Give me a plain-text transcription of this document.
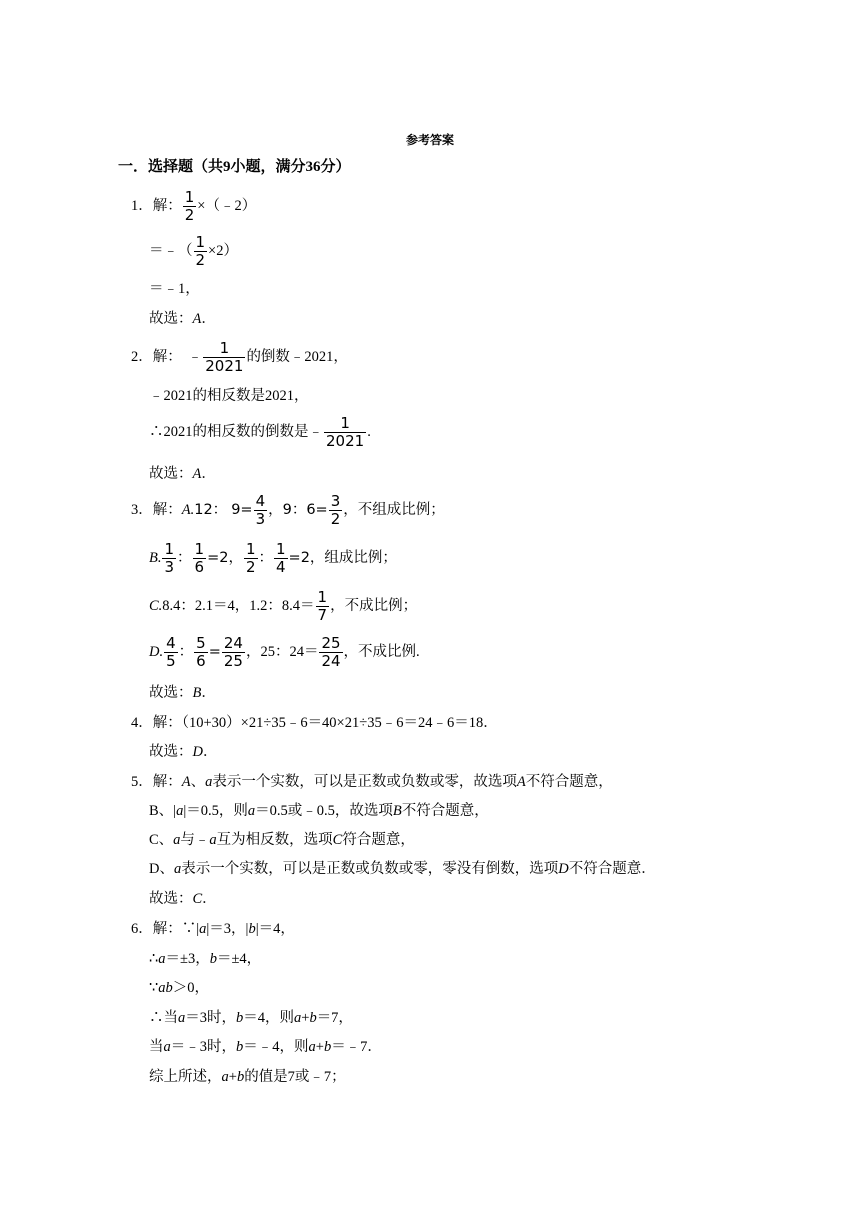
参考答案
一．选择题（共9小题，满分36分）
1． 解： $\frac{1}{2}$ ×（﹣2）
＝﹣（ $\frac{1}{2} \times 2$）
＝﹣1，
故选： A ．
2． 解： ﹣ $\frac{1}{2021}$ 的倒数﹣2021，
﹣2021的相反数是2021，
∴2021的相反数的倒数是﹣ $\frac{1}{2021}$ .
故选： A ．
3． 解： A. 12： $9= \frac{4}{3}$ ，9：$6= \frac{3}{2}$ ，不组成比例；
B. $\frac{1}{3}$ ： $\frac{1}{6} =2$， $\frac{1}{2}$ ： $\frac{1}{4} =2$ ，组成比例；
C. 8.4：2.1＝4，1.2：$8.4= \frac{1}{7}$ ，不成比例；
D. $\frac{4}{5}$ ： $\frac{5}{6} = \frac{24}{25}$ ，25：$24= \frac{25}{24}$ ，不成比例.
故选： B ．
4． 解：（10+30）×21÷35﹣6＝40×21÷35﹣6＝24﹣6＝18．
故选： D ．
5． 解： A 、 a 表示一个实数，可以是正数或负数或零，故选项 A 不符合题意，
B 、| a |＝0.5，则 a ＝0.5或﹣0.5，故选项 B 不符合题意，
C 、 a 与﹣ a 互为相反数，选项 C 符合题意，
D 、 a 表示一个实数，可以是正数或负数或零，零没有倒数，选项 D 不符合题意．
故选： C ．
6． 解：∵| a |＝3，| b |＝4，
∴ a ＝±3， b ＝±4，
∵ ab ＞0，
∴当 a ＝3时， b ＝4，则 a + b ＝7，
当 a ＝﹣3时， b ＝﹣4，则 a + b ＝﹣7．
综上所述， a + b 的值是7或﹣7；
